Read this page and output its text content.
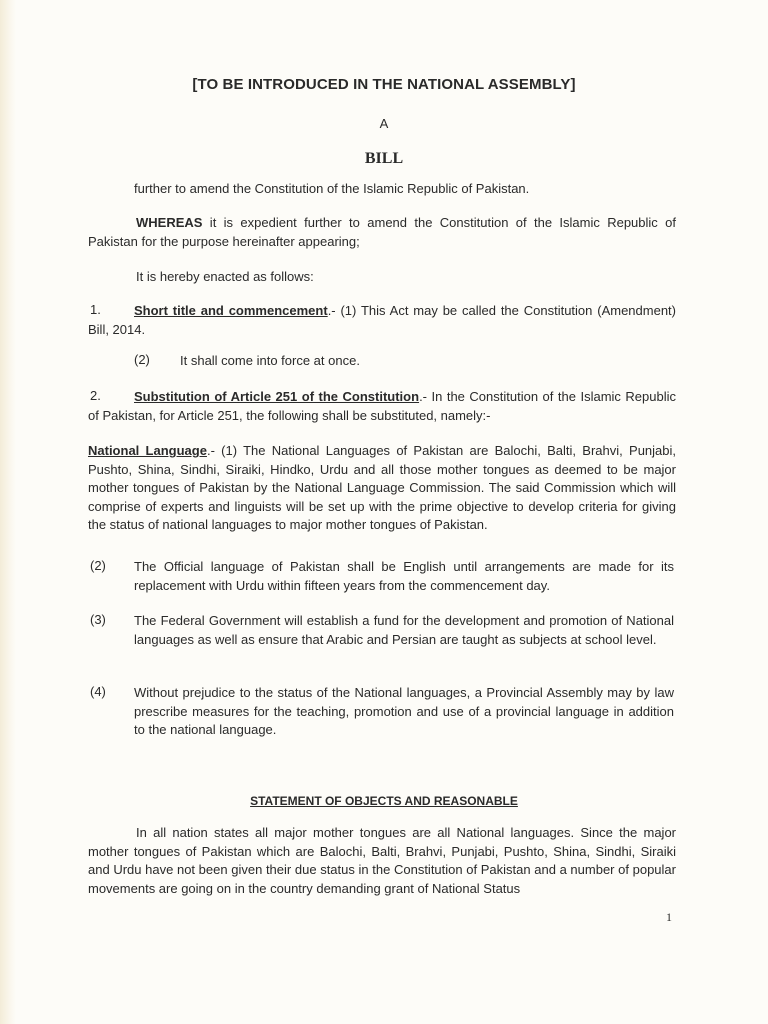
[TO BE INTRODUCED IN THE NATIONAL ASSEMBLY]
A
BILL
further to amend the Constitution of the Islamic Republic of Pakistan.
WHEREAS it is expedient further to amend the Constitution of the Islamic Republic of Pakistan for the purpose hereinafter appearing;
It is hereby enacted as follows:
1.	Short title and commencement.- (1) This Act may be called the Constitution (Amendment) Bill, 2014.
(2) It shall come into force at once.
2.	Substitution of Article 251 of the Constitution.- In the Constitution of the Islamic Republic of Pakistan, for Article 251, the following shall be substituted, namely:-
National Language.- (1) The National Languages of Pakistan are Balochi, Balti, Brahvi, Punjabi, Pushto, Shina, Sindhi, Siraiki, Hindko, Urdu and all those mother tongues as deemed to be major mother tongues of Pakistan by the National Language Commission. The said Commission which will comprise of experts and linguists will be set up with the prime objective to develop criteria for giving the status of national languages to major mother tongues of Pakistan.
(2) The Official language of Pakistan shall be English until arrangements are made for its replacement with Urdu within fifteen years from the commencement day.
(3) The Federal Government will establish a fund for the development and promotion of National languages as well as ensure that Arabic and Persian are taught as subjects at school level.
(4) Without prejudice to the status of the National languages, a Provincial Assembly may by law prescribe measures for the teaching, promotion and use of a provincial language in addition to the national language.
STATEMENT OF OBJECTS AND REASONABLE
In all nation states all major mother tongues are all National languages. Since the major mother tongues of Pakistan which are Balochi, Balti, Brahvi, Punjabi, Pushto, Shina, Sindhi, Siraiki and Urdu have not been given their due status in the Constitution of Pakistan and a number of popular movements are going on in the country demanding grant of National Status
1
